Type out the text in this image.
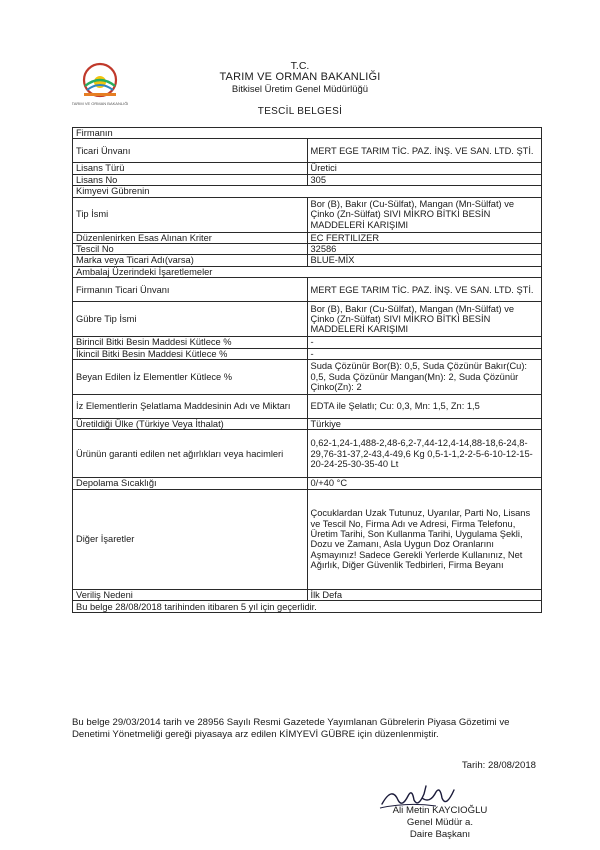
TARIM VE ORMAN BAKANLIĞI
T.C.
TARIM VE ORMAN BAKANLIĞI
Bitkisel Üretim Genel Müdürlüğü
TESCİL BELGESİ
Firmanın	
Ticari Ünvanı	MERT EGE TARIM TİC. PAZ. İNŞ. VE SAN. LTD. ŞTİ.
Lisans Türü	Üretici
Lisans No	305
Kimyevi Gübrenin	
Tip İsmi	Bor (B), Bakır (Cu-Sülfat), Mangan (Mn-Sülfat) ve Çinko (Zn-Sülfat) SIVI MİKRO BİTKİ BESİN MADDELERİ KARIŞIMI
Düzenlenirken Esas Alınan Kriter	EC FERTILIZER
Tescil No	32586
Marka veya Ticari Adı(varsa)	BLUE-MİX
Ambalaj Üzerindeki İşaretlemeler	
Firmanın Ticari Ünvanı	MERT EGE TARIM TİC. PAZ. İNŞ. VE SAN. LTD. ŞTİ.
Gübre Tip İsmi	Bor (B), Bakır (Cu-Sülfat), Mangan (Mn-Sülfat) ve Çinko (Zn-Sülfat) SIVI MİKRO BİTKİ BESİN MADDELERİ KARIŞIMI
Birincil Bitki Besin Maddesi Kütlece %	-
İkincil Bitki Besin Maddesi Kütlece %	-
Beyan Edilen İz Elementler Kütlece %	Suda Çözünür Bor(B): 0,5, Suda Çözünür Bakır(Cu): 0,5, Suda Çözünür Mangan(Mn): 2, Suda Çözünür Çinko(Zn): 2
İz Elementlerin Şelatlama Maddesinin Adı ve Miktarı	EDTA ile Şelatlı; Cu: 0,3, Mn: 1,5, Zn: 1,5
Üretildiği Ülke (Türkiye Veya İthalat)	Türkiye
Ürünün garanti edilen net ağırlıkları veya hacimleri	0,62-1,24-1,488-2,48-6,2-7,44-12,4-14,88-18,6-24,8-29,76-31-37,2-43,4-49,6 Kg 0,5-1-1,2-2-5-6-10-12-15-20-24-25-30-35-40 Lt
Depolama Sıcaklığı	0/+40 °C
Diğer İşaretler	Çocuklardan Uzak Tutunuz, Uyarılar, Parti No, Lisans ve Tescil No, Firma Adı ve Adresi, Firma Telefonu, Üretim Tarihi, Son Kullanma Tarihi, Uygulama Şekli, Dozu ve Zamanı, Asla Uygun Doz Oranlarını Aşmayınız! Sadece Gerekli Yerlerde Kullanınız, Net Ağırlık, Diğer Güvenlik Tedbirleri, Firma Beyanı
Veriliş Nedeni	İlk Defa
Bu belge 28/08/2018 tarihinden itibaren 5 yıl için geçerlidir.	
Bu belge 29/03/2014 tarih ve 28956 Sayılı Resmi Gazetede Yayımlanan Gübrelerin Piyasa Gözetimi ve Denetimi Yönetmeliği gereği piyasaya arz edilen KİMYEVİ GÜBRE için düzenlenmiştir.
Tarih: 28/08/2018
Ali Metin KAYCIOĞLU
Genel Müdür a.
Daire Başkanı
